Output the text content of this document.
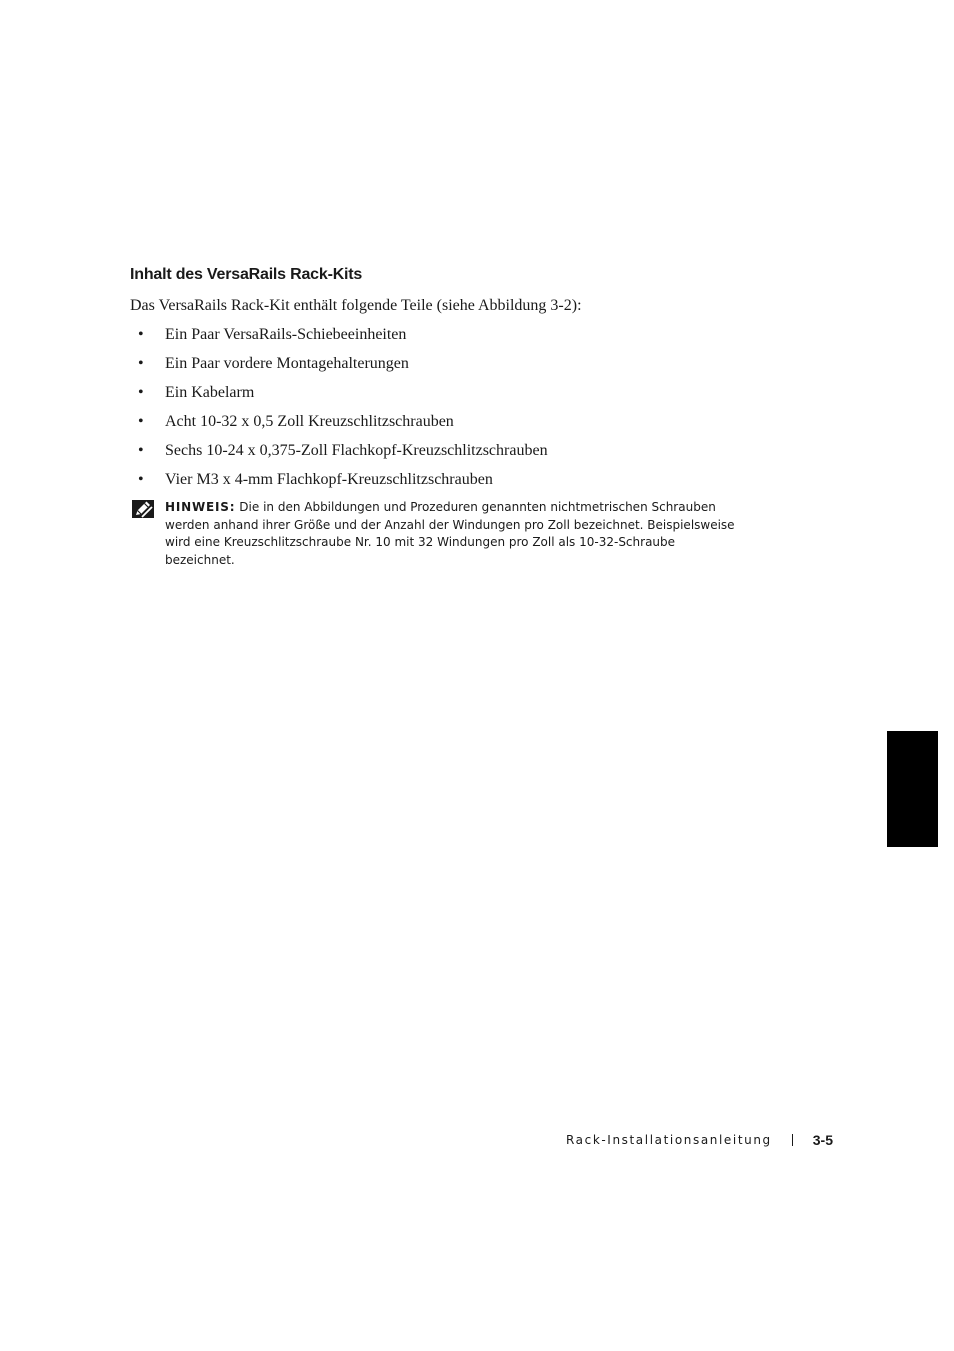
Inhalt des VersaRails Rack-Kits

Das VersaRails Rack-Kit enthält folgende Teile (siehe Abbildung 3-2):

• Ein Paar VersaRails-Schiebeeinheiten
• Ein Paar vordere Montagehalterungen
• Ein Kabelarm
• Acht 10-32 x 0,5 Zoll Kreuzschlitzschrauben
• Sechs 10-24 x 0,375-Zoll Flachkopf-Kreuzschlitzschrauben
• Vier M3 x 4-mm Flachkopf-Kreuzschlitzschrauben

HINWEIS: Die in den Abbildungen und Prozeduren genannten nichtmetrischen Schrauben werden anhand ihrer Größe und der Anzahl der Windungen pro Zoll bezeichnet. Beispielsweise wird eine Kreuzschlitzschraube Nr. 10 mit 32 Windungen pro Zoll als 10-32-Schraube bezeichnet.

Rack-Installationsanleitung	3-5
